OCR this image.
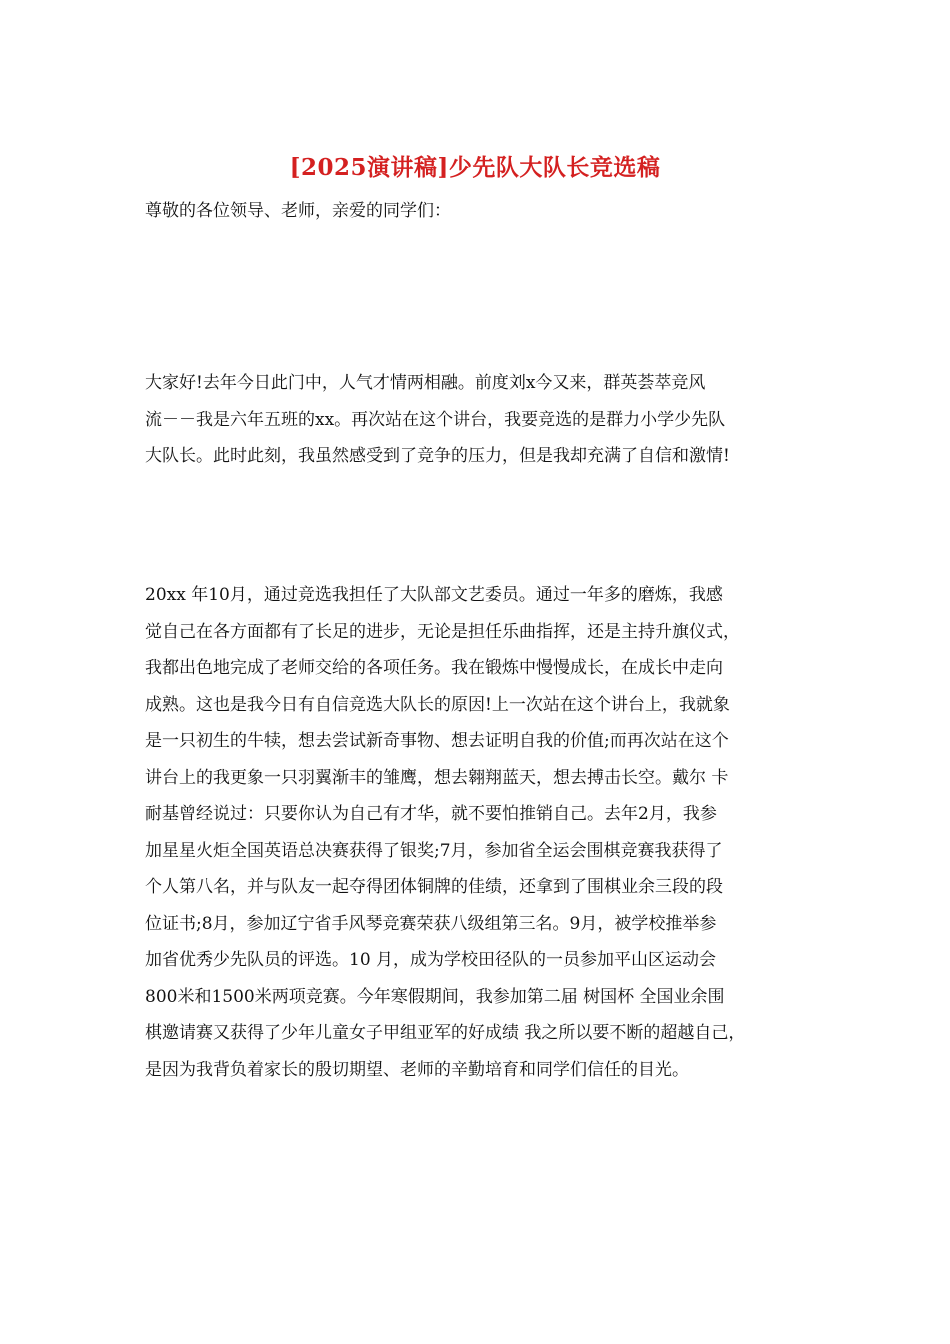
[2025演讲稿]少先队大队长竞选稿
尊敬的各位领导、老师，亲爱的同学们：
大家好!去年今日此门中，人气才情两相融。前度刘x今又来，群英荟萃竞风
流－－我是六年五班的xx。再次站在这个讲台，我要竞选的是群力小学少先队
大队长。此时此刻，我虽然感受到了竞争的压力，但是我却充满了自信和激情!
20xx 年10月，通过竞选我担任了大队部文艺委员。通过一年多的磨炼，我感
觉自己在各方面都有了长足的进步，无论是担任乐曲指挥，还是主持升旗仪式，
我都出色地完成了老师交给的各项任务。我在锻炼中慢慢成长，在成长中走向
成熟。这也是我今日有自信竞选大队长的原因!上一次站在这个讲台上，我就象
是一只初生的牛犊，想去尝试新奇事物、想去证明自我的价值;而再次站在这个
讲台上的我更象一只羽翼渐丰的雏鹰，想去翱翔蓝天，想去搏击长空。戴尔 卡
耐基曾经说过：只要你认为自己有才华，就不要怕推销自己。去年2月，我参
加星星火炬全国英语总决赛获得了银奖;7月，参加省全运会围棋竞赛我获得了
个人第八名，并与队友一起夺得团体铜牌的佳绩，还拿到了围棋业余三段的段
位证书;8月，参加辽宁省手风琴竞赛荣获八级组第三名。9月，被学校推举参
加省优秀少先队员的评选。10 月，成为学校田径队的一员参加平山区运动会
800米和1500米两项竞赛。今年寒假期间，我参加第二届 树国杯 全国业余围
棋邀请赛又获得了少年儿童女子甲组亚军的好成绩 我之所以要不断的超越自己，
是因为我背负着家长的殷切期望、老师的辛勤培育和同学们信任的目光。
